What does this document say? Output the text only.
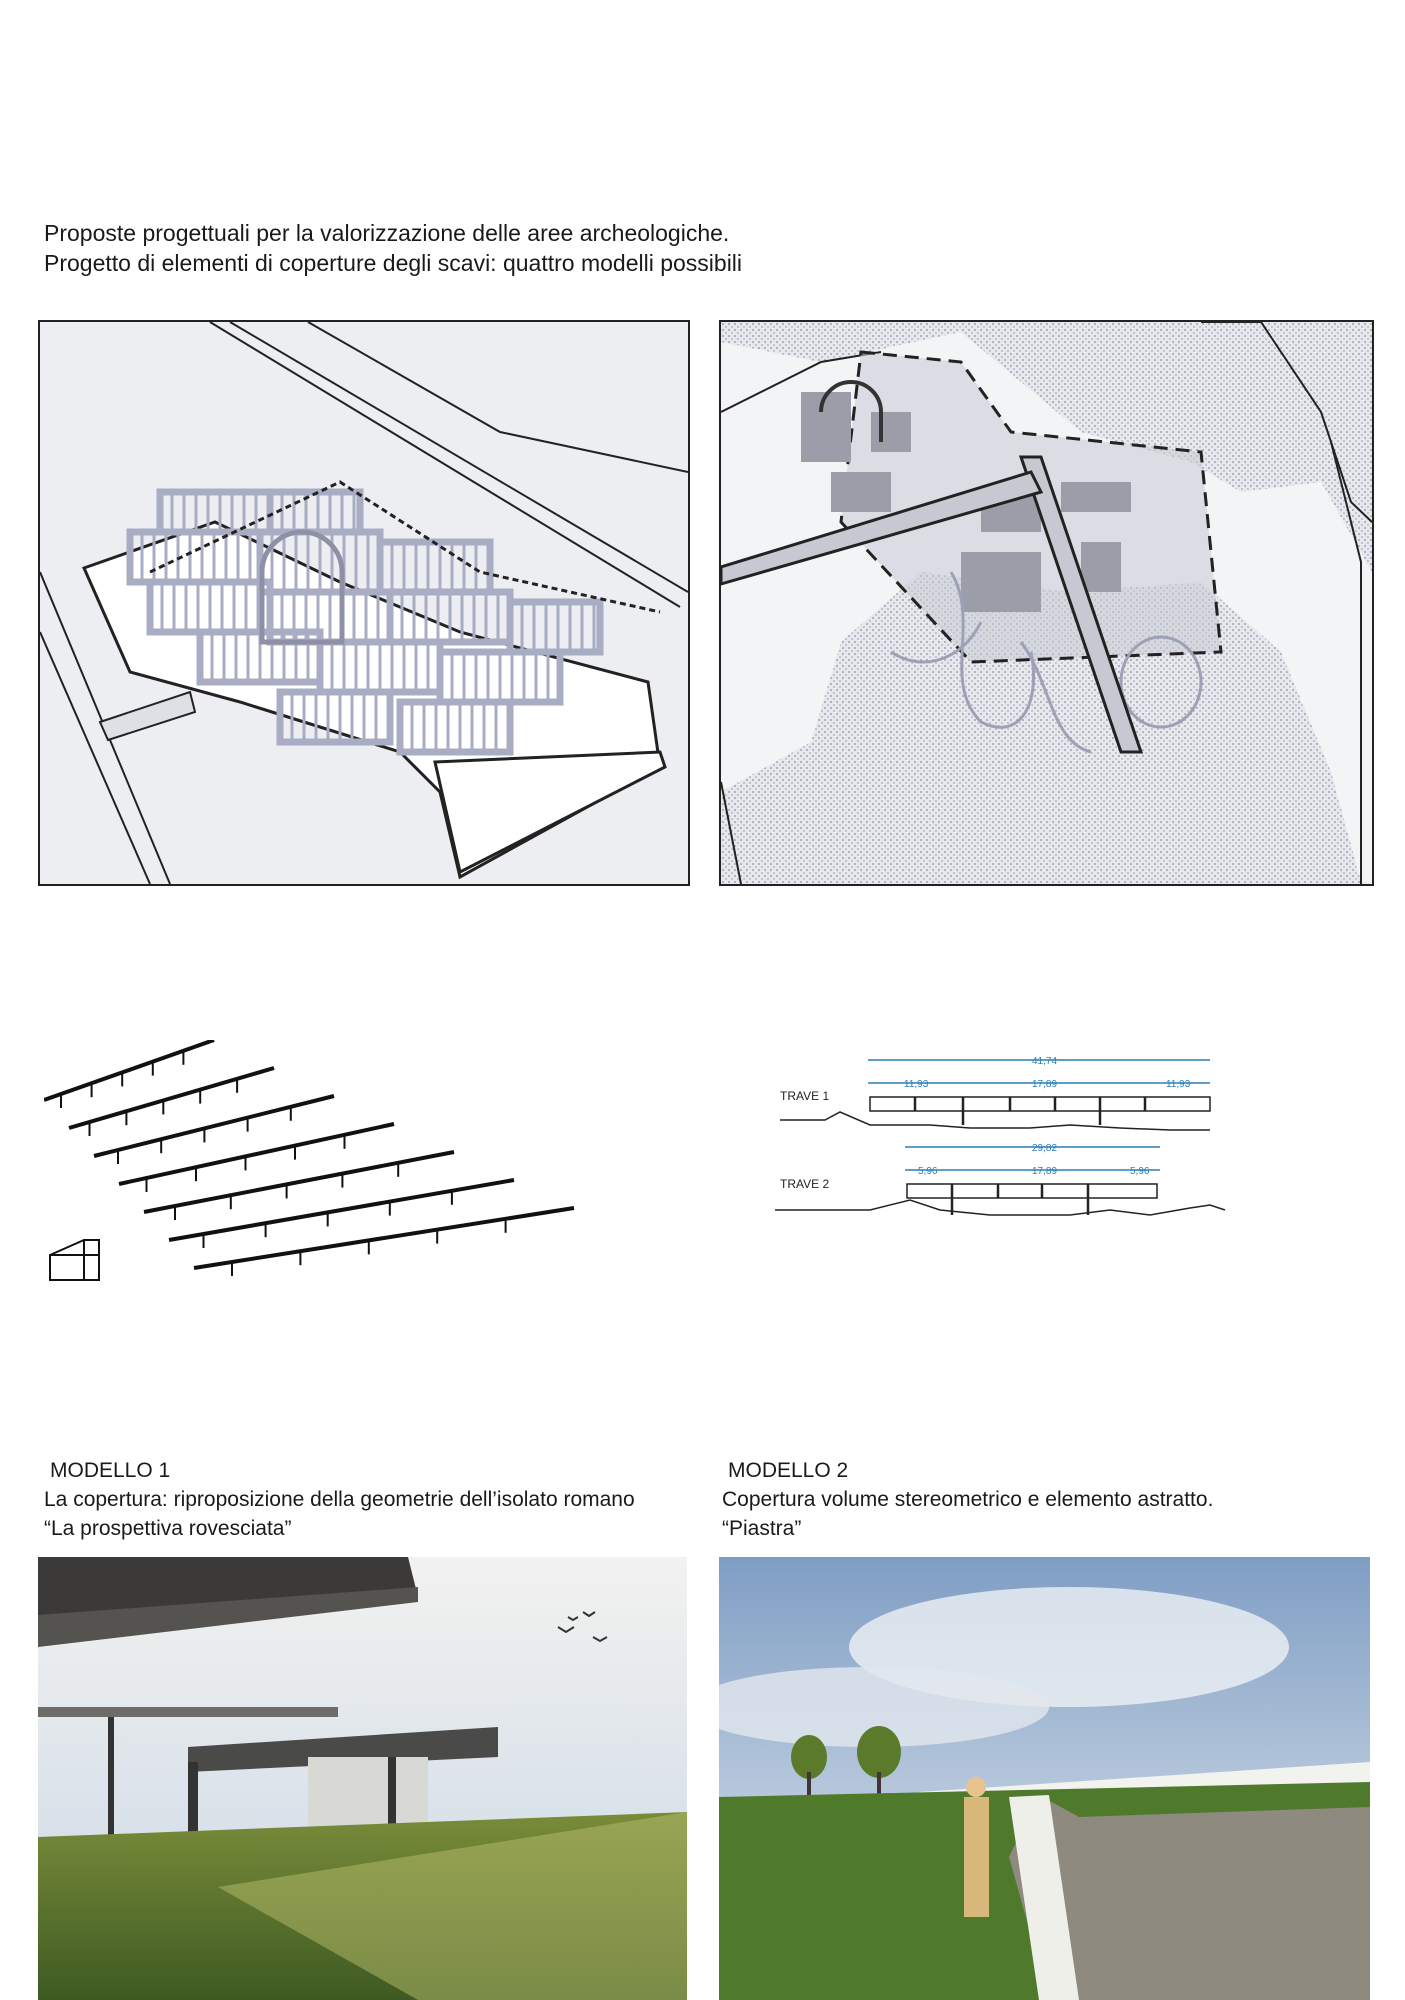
Proposte progettuali per la valorizzazione delle aree archeologiche.
Progetto di elementi di coperture degli scavi: quattro modelli possibili
TRAVE 1
41,74
11,93	17,89	11,93
TRAVE 2
29,82
5,96	17,89	5,96
MODELLO 1
La copertura: riproposizione della geometrie dell’isolato romano
“La prospettiva rovesciata”
MODELLO 2
Copertura volume stereometrico e elemento astratto.
“Piastra”
